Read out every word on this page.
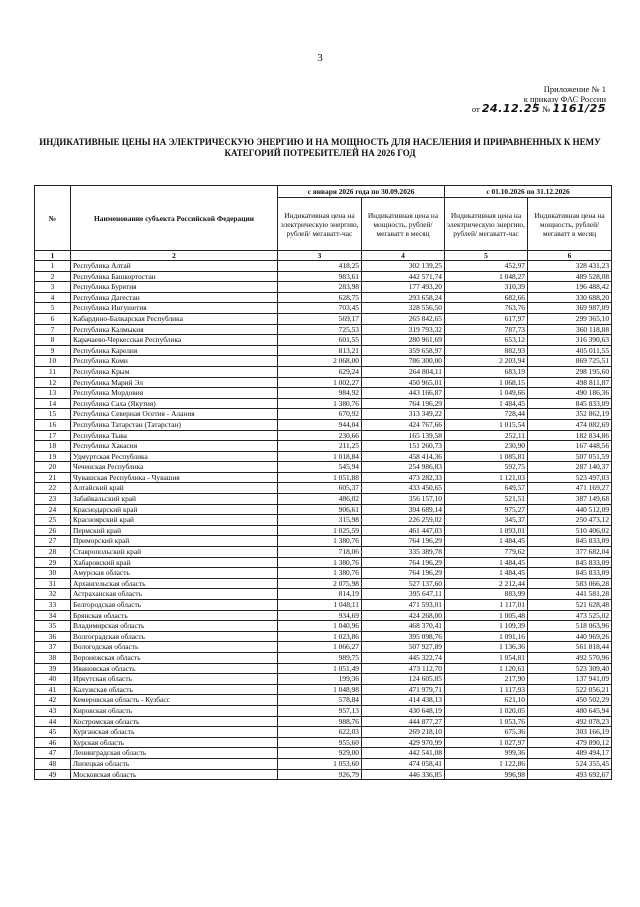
3
Приложение № 1
к приказу ФАС России
от 24.12.25 № 1161/25
ИНДИКАТИВНЫЕ ЦЕНЫ НА ЭЛЕКТРИЧЕСКУЮ ЭНЕРГИЮ И НА МОЩНОСТЬ ДЛЯ НАСЕЛЕНИЯ И ПРИРАВНЕННЫХ К НЕМУ КАТЕГОРИЙ ПОТРЕБИТЕЛЕЙ НА 2026 ГОД
№	Наименование субъекта Российской Федерации	с января 2026 года по 30.09.2026		с 01.10.2026 по 31.12.2026	
		Индикативная цена на электрическую энергию, рублей/ мегаватт-час	Индикативная цена на мощность, рублей/мегаватт в месяц	Индикативная цена на электрическую энергию, рублей/ мегаватт-час	Индикативная цена на мощность, рублей/мегаватт в месяц
1	2	3	4	5	6
1	Республика Алтай	418,25	302 139,25	452,97	328 431,23
2	Республика Башкортостан	983,61	442 571,74	1 048,27	489 528,08
3	Республика Бурятия	283,98	177 493,20	310,39	196 488,42
4	Республика Дагестан	628,75	293 658,24	682,66	330 688,20
5	Республика Ингушетия	703,45	328 556,50	763,76	369 987,09
6	Кабардино-Балкарская Республика	569,17	265 842,65	617,97	299 365,10
7	Республика Калмыкия	725,53	319 793,32	787,73	360 118,88
8	Карачаево-Черкесская Республика	601,55	280 961,69	653,12	316 390,63
9	Республика Карелия	813,21	359 658,97	882,93	405 011,55
10	Республика Коми	2 068,00	786 300,00	2 203,94	869 725,51
11	Республика Крым	629,24	264 804,11	683,19	298 195,60
12	Республика Марий Эл	1 002,27	450 965,01	1 068,15	498 811,87
13	Республика Мордовия	984,92	443 166,87	1 049,66	490 186,36
14	Республика Саха (Якутия)	1 380,76	764 196,29	1 484,45	845 833,09
15	Республика Северная Осетия - Алания	670,92	313 349,22	728,44	352 862,19
16	Республика Татарстан (Татарстан)	944,04	424 767,66	1 015,54	474 082,69
17	Республика Тыва	230,66	165 139,58	252,11	182 834,86
18	Республика Хакасия	211,25	151 260,73	230,90	167 448,56
19	Удмуртская Республика	1 018,84	458 414,36	1 085,81	507 051,59
20	Чеченская Республика	545,94	254 986,83	592,75	287 140,37
21	Чувашская Республика - Чувашия	1 051,88	473 282,33	1 121,03	523 497,03
22	Алтайский край	605,37	433 450,65	649,57	471 169,27
23	Забайкальский край	486,02	356 157,10	521,51	387 149,68
24	Краснодарский край	906,61	394 689,14	975,27	440 512,09
25	Красноярский край	315,98	226 259,02	345,37	250 473,12
26	Пермский край	1 025,59	461 447,03	1 093,01	510 406,02
27	Приморский край	1 380,76	764 196,29	1 484,45	845 833,09
28	Ставропольский край	718,06	335 389,78	779,62	377 682,04
29	Хабаровский край	1 380,76	764 196,29	1 484,45	845 833,09
30	Амурская область	1 380,76	764 196,29	1 484,45	845 833,09
31	Архангельская область	2 075,98	527 137,60	2 212,44	583 066,28
32	Астраханская область	814,19	395 647,11	883,99	441 581,28
33	Белгородская область	1 048,11	471 593,01	1 117,01	521 628,48
34	Брянская область	934,69	424 268,00	1 005,48	473 525,02
35	Владимирская область	1 040,96	468 370,41	1 109,39	518 063,96
36	Волгоградская область	1 023,86	395 098,76	1 091,16	440 969,26
37	Вологодская область	1 066,27	507 927,89	1 136,36	561 818,44
38	Воронежская область	989,75	445 322,74	1 054,81	492 570,96
39	Ивановская область	1 051,49	473 112,70	1 120,61	523 309,40
40	Иркутская область	199,36	124 605,85	217,90	137 941,09
41	Калужская область	1 048,98	471 979,71	1 117,93	522 056,21
42	Кемеровская область - Кузбасс	578,84	414 438,13	621,10	450 502,29
43	Кировская область	957,13	430 648,19	1 020,05	480 645,94
44	Костромская область	988,76	444 877,27	1 053,76	492 078,23
45	Курганская область	622,03	269 218,10	675,36	303 166,19
46	Курская область	955,60	429 970,99	1 027,97	479 890,12
47	Ленинградская область	929,00	442 541,08	999,36	489 494,17
48	Липецкая область	1 053,60	474 058,41	1 122,86	524 355,45
49	Московская область	926,79	446 336,85	996,98	493 692,67
